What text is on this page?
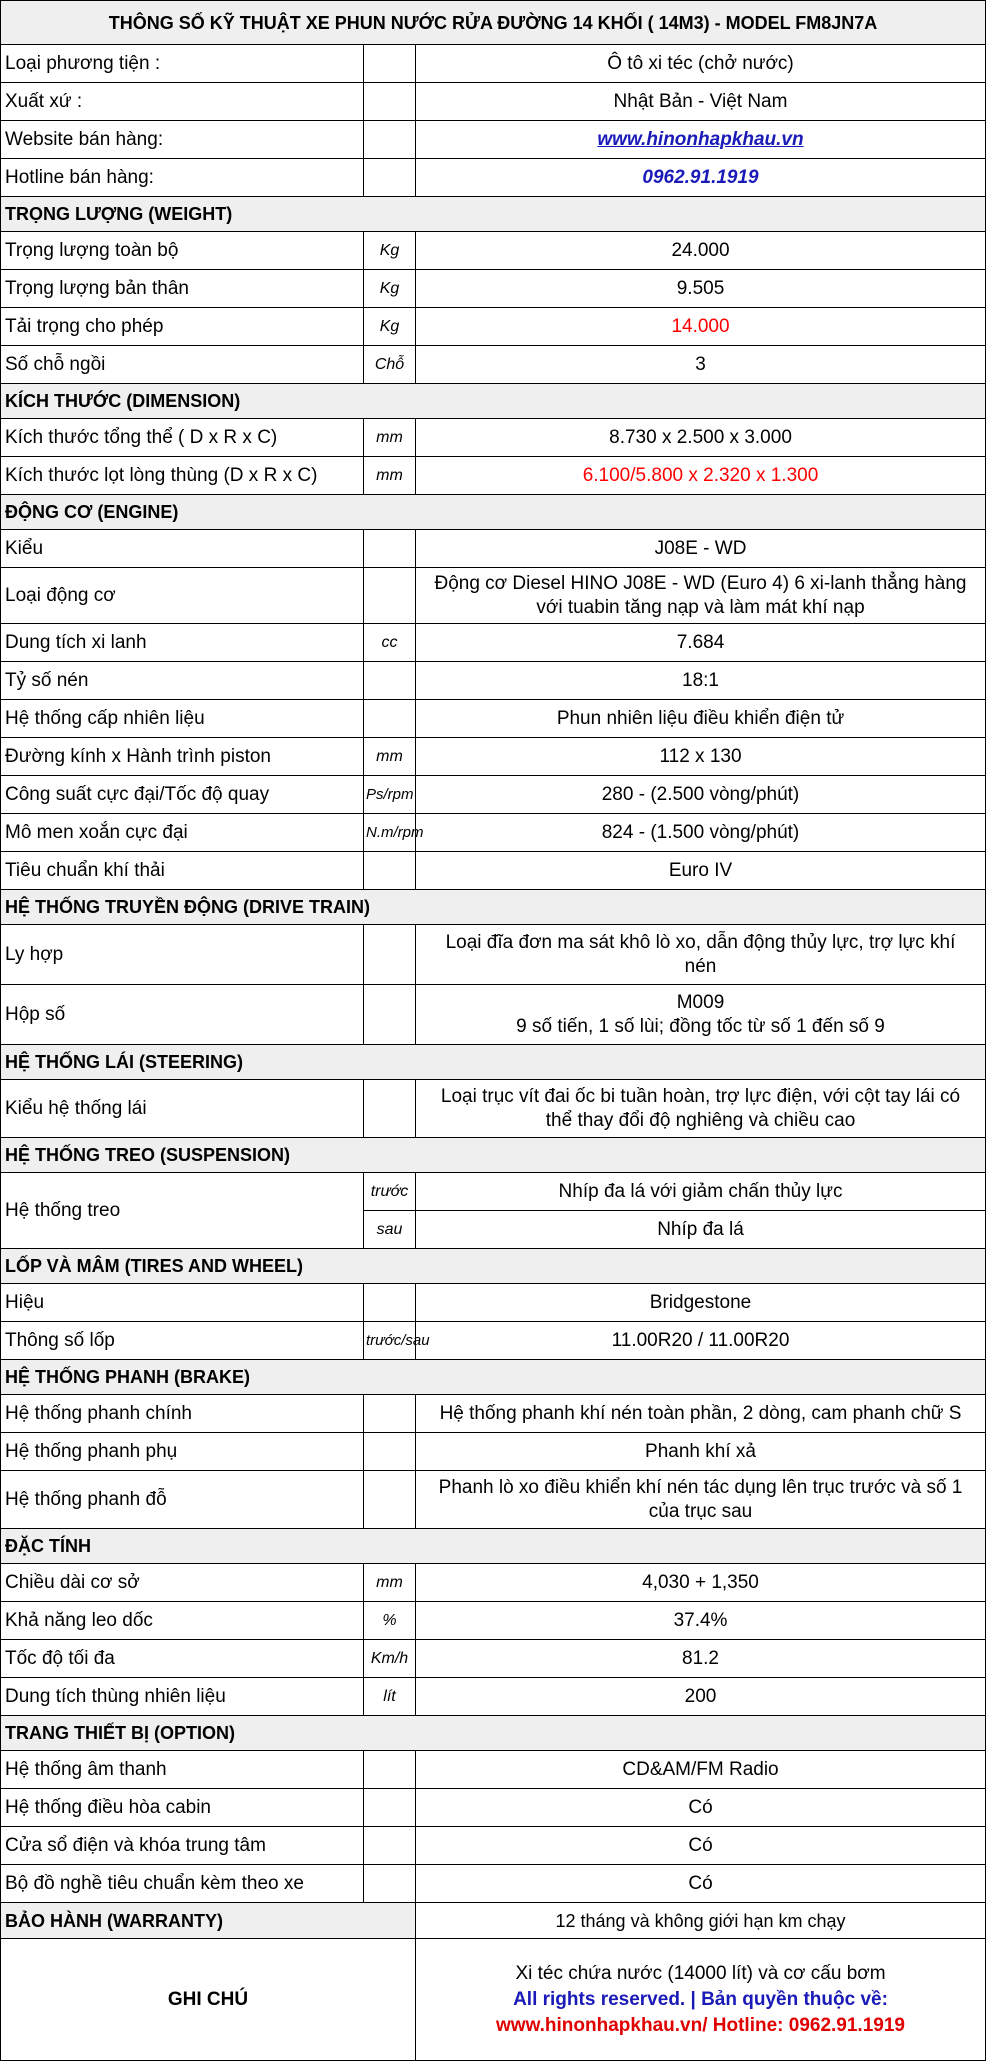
THÔNG SỐ KỸ THUẬT XE PHUN NƯỚC RỬA ĐƯỜNG 14 KHỐI ( 14M3) - MODEL FM8JN7A		
Loại phương tiện :		Ô tô xi téc (chở nước)
Xuất xứ :		Nhật Bản - Việt Nam
Website bán hàng:		www.hinonhapkhau.vn
Hotline bán hàng:		0962.91.1919
TRỌNG LƯỢNG (WEIGHT)		
Trọng lượng toàn bộ	Kg	24.000
Trọng lượng bản thân	Kg	9.505
Tải trọng cho phép	Kg	14.000
Số chỗ ngồi	Chỗ	3
KÍCH THƯỚC (DIMENSION)		
Kích thước tổng thể ( D x R x C)	mm	8.730 x 2.500 x 3.000
Kích thước lọt lòng thùng (D x R x C)	mm	6.100/5.800 x 2.320 x 1.300
ĐỘNG CƠ (ENGINE)		
Kiểu		J08E - WD
Loại động cơ		Động cơ Diesel HINO J08E - WD (Euro 4) 6 xi-lanh thẳng hàng
với tuabin tăng nạp và làm mát khí nạp

Dung tích xi lanh	cc	7.684
Tỷ số nén		18:1
Hệ thống cấp nhiên liệu		Phun nhiên liệu điều khiển điện tử
Đường kính x Hành trình piston	mm	112 x 130
Công suất cực đại/Tốc độ quay	Ps/rpm	280 - (2.500 vòng/phút)
Mô men xoắn cực đại	N.m/rpm	824 - (1.500 vòng/phút)
Tiêu chuẩn khí thải		Euro IV
HỆ THỐNG TRUYỀN ĐỘNG (DRIVE TRAIN)		
Ly hợp		Loại đĩa đơn ma sát khô lò xo, dẫn động thủy lực, trợ lực khí
nén

Hộp số		M009
9 số tiến, 1 số lùi; đồng tốc từ số 1 đến số 9

HỆ THỐNG LÁI (STEERING)		
Kiểu hệ thống lái		Loại trục vít đai ốc bi tuần hoàn, trợ lực điện, với cột tay lái có
thể thay đổi độ nghiêng và chiều cao

HỆ THỐNG TREO (SUSPENSION)		
Hệ thống treo	trước	Nhíp đa lá với giảm chấn thủy lực
	sau	Nhíp đa lá
LỐP VÀ MÂM (TIRES AND WHEEL)		
Hiệu		Bridgestone
Thông số lốp	trước/sau	11.00R20 / 11.00R20
HỆ THỐNG PHANH (BRAKE)		
Hệ thống phanh chính		Hệ thống phanh khí nén toàn phần, 2 dòng, cam phanh chữ S
Hệ thống phanh phụ		Phanh khí xả
Hệ thống phanh đỗ		Phanh lò xo điều khiển khí nén tác dụng lên trục trước và số 1
của trục sau

ĐẶC TÍNH		
Chiều dài cơ sở	mm	4,030 + 1,350
Khả năng leo dốc	%	37.4%
Tốc độ tối đa	Km/h	81.2
Dung tích thùng nhiên liệu	lít	200
TRANG THIẾT BỊ (OPTION)		
Hệ thống âm thanh		CD&AM/FM Radio
Hệ thống điều hòa cabin		Có
Cửa sổ điện và khóa trung tâm		Có
Bộ đồ nghề tiêu chuẩn kèm theo xe		Có
BẢO HÀNH (WARRANTY)		12 tháng và không giới hạn km chạy
GHI CHÚ		Xi téc chứa nước (14000 lít) và cơ cấu bơm
All rights reserved. | Bản quyền thuộc về:
www.hinonhapkhau.vn/ Hotline: 0962.91.1919
